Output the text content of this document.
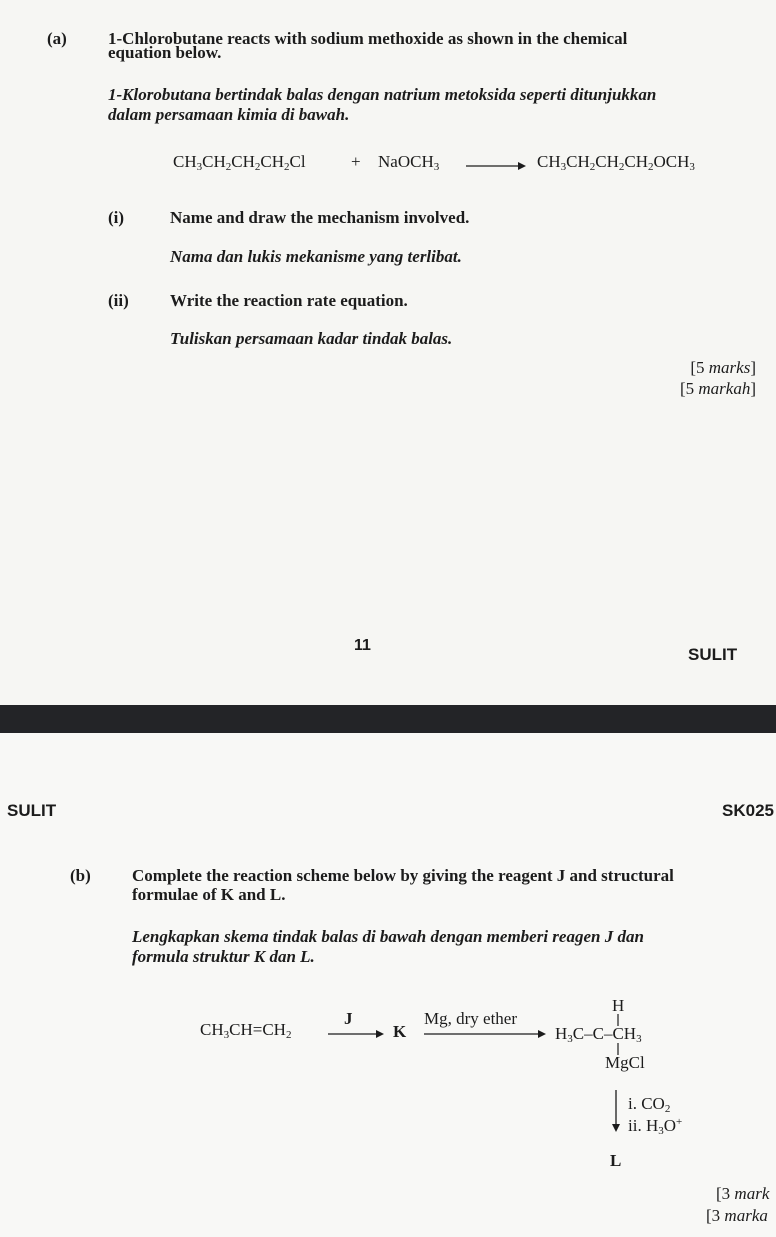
(a) 1-Chlorobutane reacts with sodium methoxide as shown in the chemical
equation below.
1-Klorobutana bertindak balas dengan natrium metoksida seperti ditunjukkan
dalam persamaan kimia di bawah.
$CH_3CH_2CH_2CH_2Cl$	+ NaOCH$_3$ → $CH_3CH_2CH_2CH_2OCH_3$
(i)	Name and draw the mechanism involved.
Nama dan lukis mekanisme yang terlibat.
(ii) Write the reaction rate equation.
Tuliskan persamaan kadar tindak balas.
[5 marks]
[5 markah]
11	SULIT
SULIT	SK025
(b) Complete the reaction scheme below by giving the reagent J and structural
formulae of K and L.
Lengkapkan skema tindak balas di bawah dengan memberi reagen J dan
formula struktur K dan L.
$CH_3CH=CH_2$
J
K
Mg, dry ether
H
$H_3C-C-CH_3$
MgCl
i. $CO_2$
ii. $H_3O^+$
L
[3 mark
[3 marka
